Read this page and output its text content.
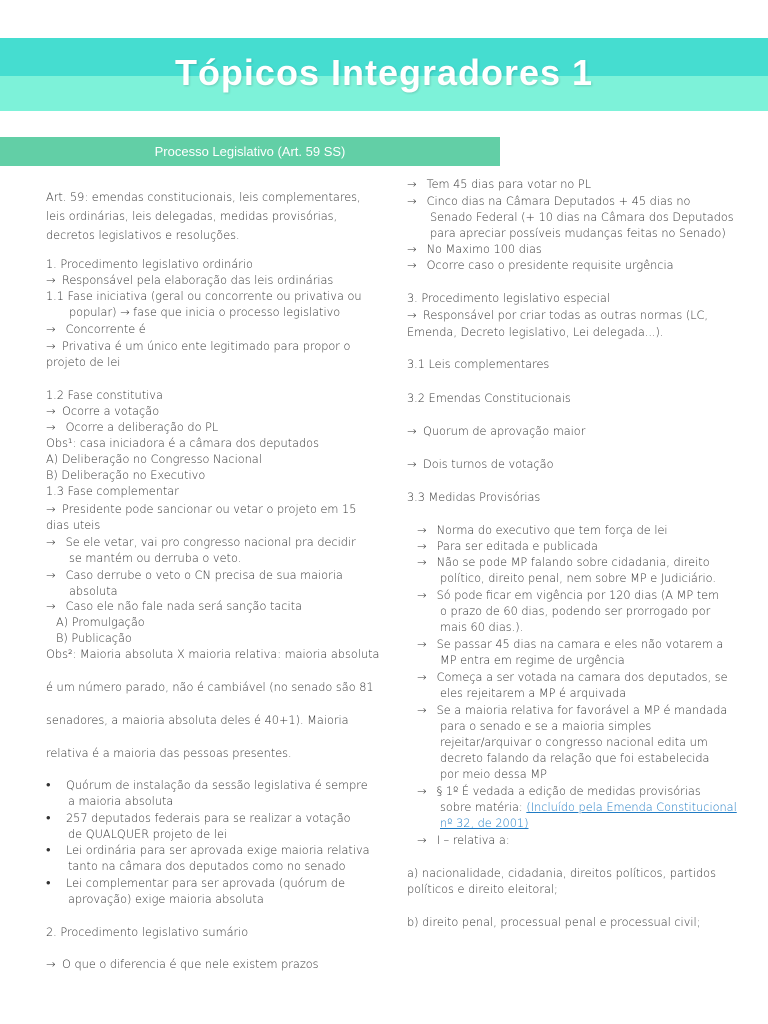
Tópicos Integradores 1
Processo Legislativo (Art. 59 SS)
Art. 59: emendas constitucionais, leis complementares,
leis ordinárias, leis delegadas, medidas provisórias,
decretos legislativos e resoluções.
1. Procedimento legislativo ordinário
→ Responsável pela elaboração das leis ordinárias
1.1 Fase iniciativa (geral ou concorrente ou privativa ou
popular) → fase que inicia o processo legislativo
→ Concorrente é
→ Privativa é um único ente legitimado para propor o
projeto de lei
1.2 Fase constitutiva
→ Ocorre a votação
→ Ocorre a deliberação do PL
Obs¹: casa iniciadora é a câmara dos deputados
A) Deliberação no Congresso Nacional
B) Deliberação no Executivo
1.3 Fase complementar
→ Presidente pode sancionar ou vetar o projeto em 15
dias uteis
→ Se ele vetar, vai pro congresso nacional pra decidir
se mantém ou derruba o veto.
→ Caso derrube o veto o CN precisa de sua maioria
absoluta
→ Caso ele não fale nada será sanção tacita
A) Promulgação
B) Publicação
Obs²: Maioria absoluta X maioria relativa: maioria absoluta
é um número parado, não é cambiável (no senado são 81
senadores, a maioria absoluta deles é 40+1). Maioria
relativa é a maioria das pessoas presentes.
• Quórum de instalação da sessão legislativa é sempre
a maioria absoluta
• 257 deputados federais para se realizar a votação
de QUALQUER projeto de lei
• Lei ordinária para ser aprovada exige maioria relativa
tanto na câmara dos deputados como no senado
• Lei complementar para ser aprovada (quórum de
aprovação) exige maioria absoluta
2. Procedimento legislativo sumário
→ O que o diferencia é que nele existem prazos
→ Tem 45 dias para votar no PL
→ Cinco dias na Câmara Deputados + 45 dias no
Senado Federal (+ 10 dias na Câmara dos Deputados
para apreciar possíveis mudanças feitas no Senado)
→ No Maximo 100 dias
→ Ocorre caso o presidente requisite urgência
3. Procedimento legislativo especial
→ Responsável por criar todas as outras normas (LC,
Emenda, Decreto legislativo, Lei delegada...).
3.1 Leis complementares
3.2 Emendas Constitucionais
→ Quorum de aprovação maior
→ Dois turnos de votação
3.3 Medidas Provisórias
→ Norma do executivo que tem força de lei
→ Para ser editada e publicada
→ Não se pode MP falando sobre cidadania, direito
político, direito penal, nem sobre MP e Judiciário.
→ Só pode ficar em vigência por 120 dias (A MP tem
o prazo de 60 dias, podendo ser prorrogado por
mais 60 dias.).
→ Se passar 45 dias na camara e eles não votarem a
MP entra em regime de urgência
→ Começa a ser votada na camara dos deputados, se
eles rejeitarem a MP é arquivada
→ Se a maioria relativa for favorável a MP é mandada
para o senado e se a maioria simples
rejeitar/arquivar o congresso nacional edita um
decreto falando da relação que foi estabelecida
por meio dessa MP
→ § 1º É vedada a edição de medidas provisórias
sobre matéria: (Incluído pela Emenda Constitucional
nº 32, de 2001)
→ I – relativa a:
a) nacionalidade, cidadania, direitos políticos, partidos
políticos e direito eleitoral;
b) direito penal, processual penal e processual civil;
